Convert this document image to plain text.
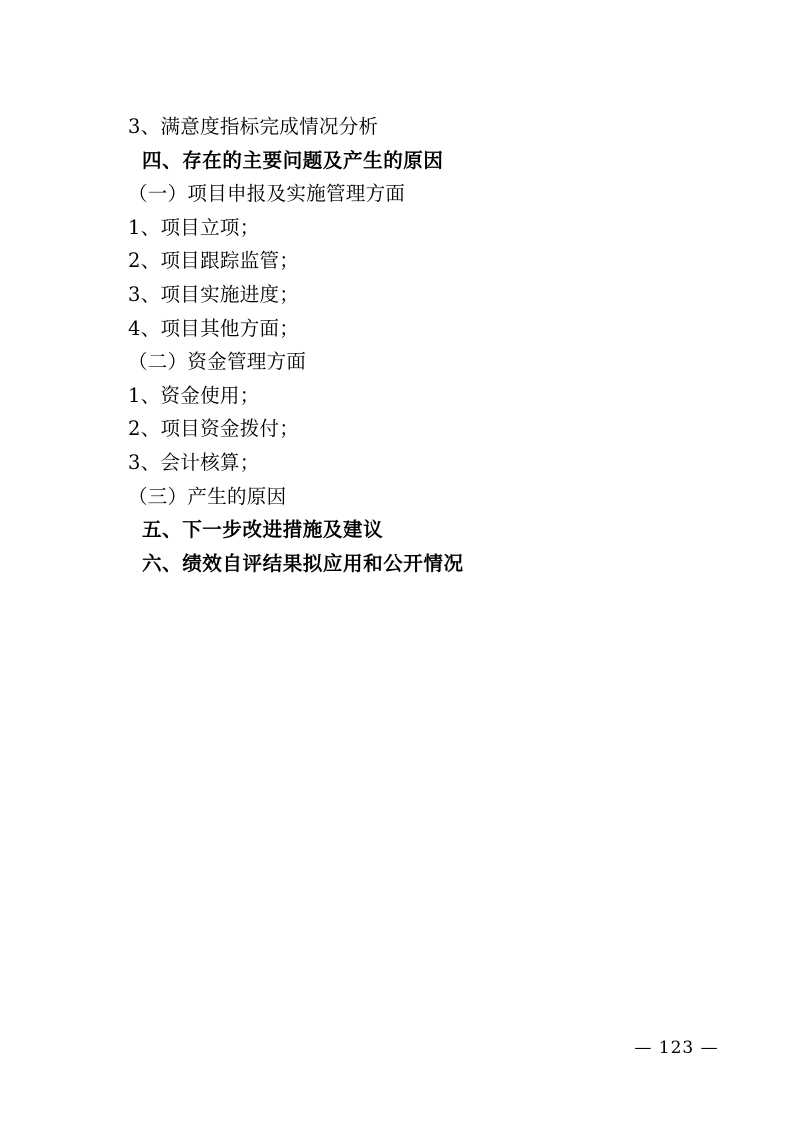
3、满意度指标完成情况分析
四、存在的主要问题及产生的原因
（一）项目申报及实施管理方面
1、项目立项；
2、项目跟踪监管；
3、项目实施进度；
4、项目其他方面；
（二）资金管理方面
1、资金使用；
2、项目资金拨付；
3、会计核算；
（三）产生的原因
五、下一步改进措施及建议
六、绩效自评结果拟应用和公开情况
— 123 —
